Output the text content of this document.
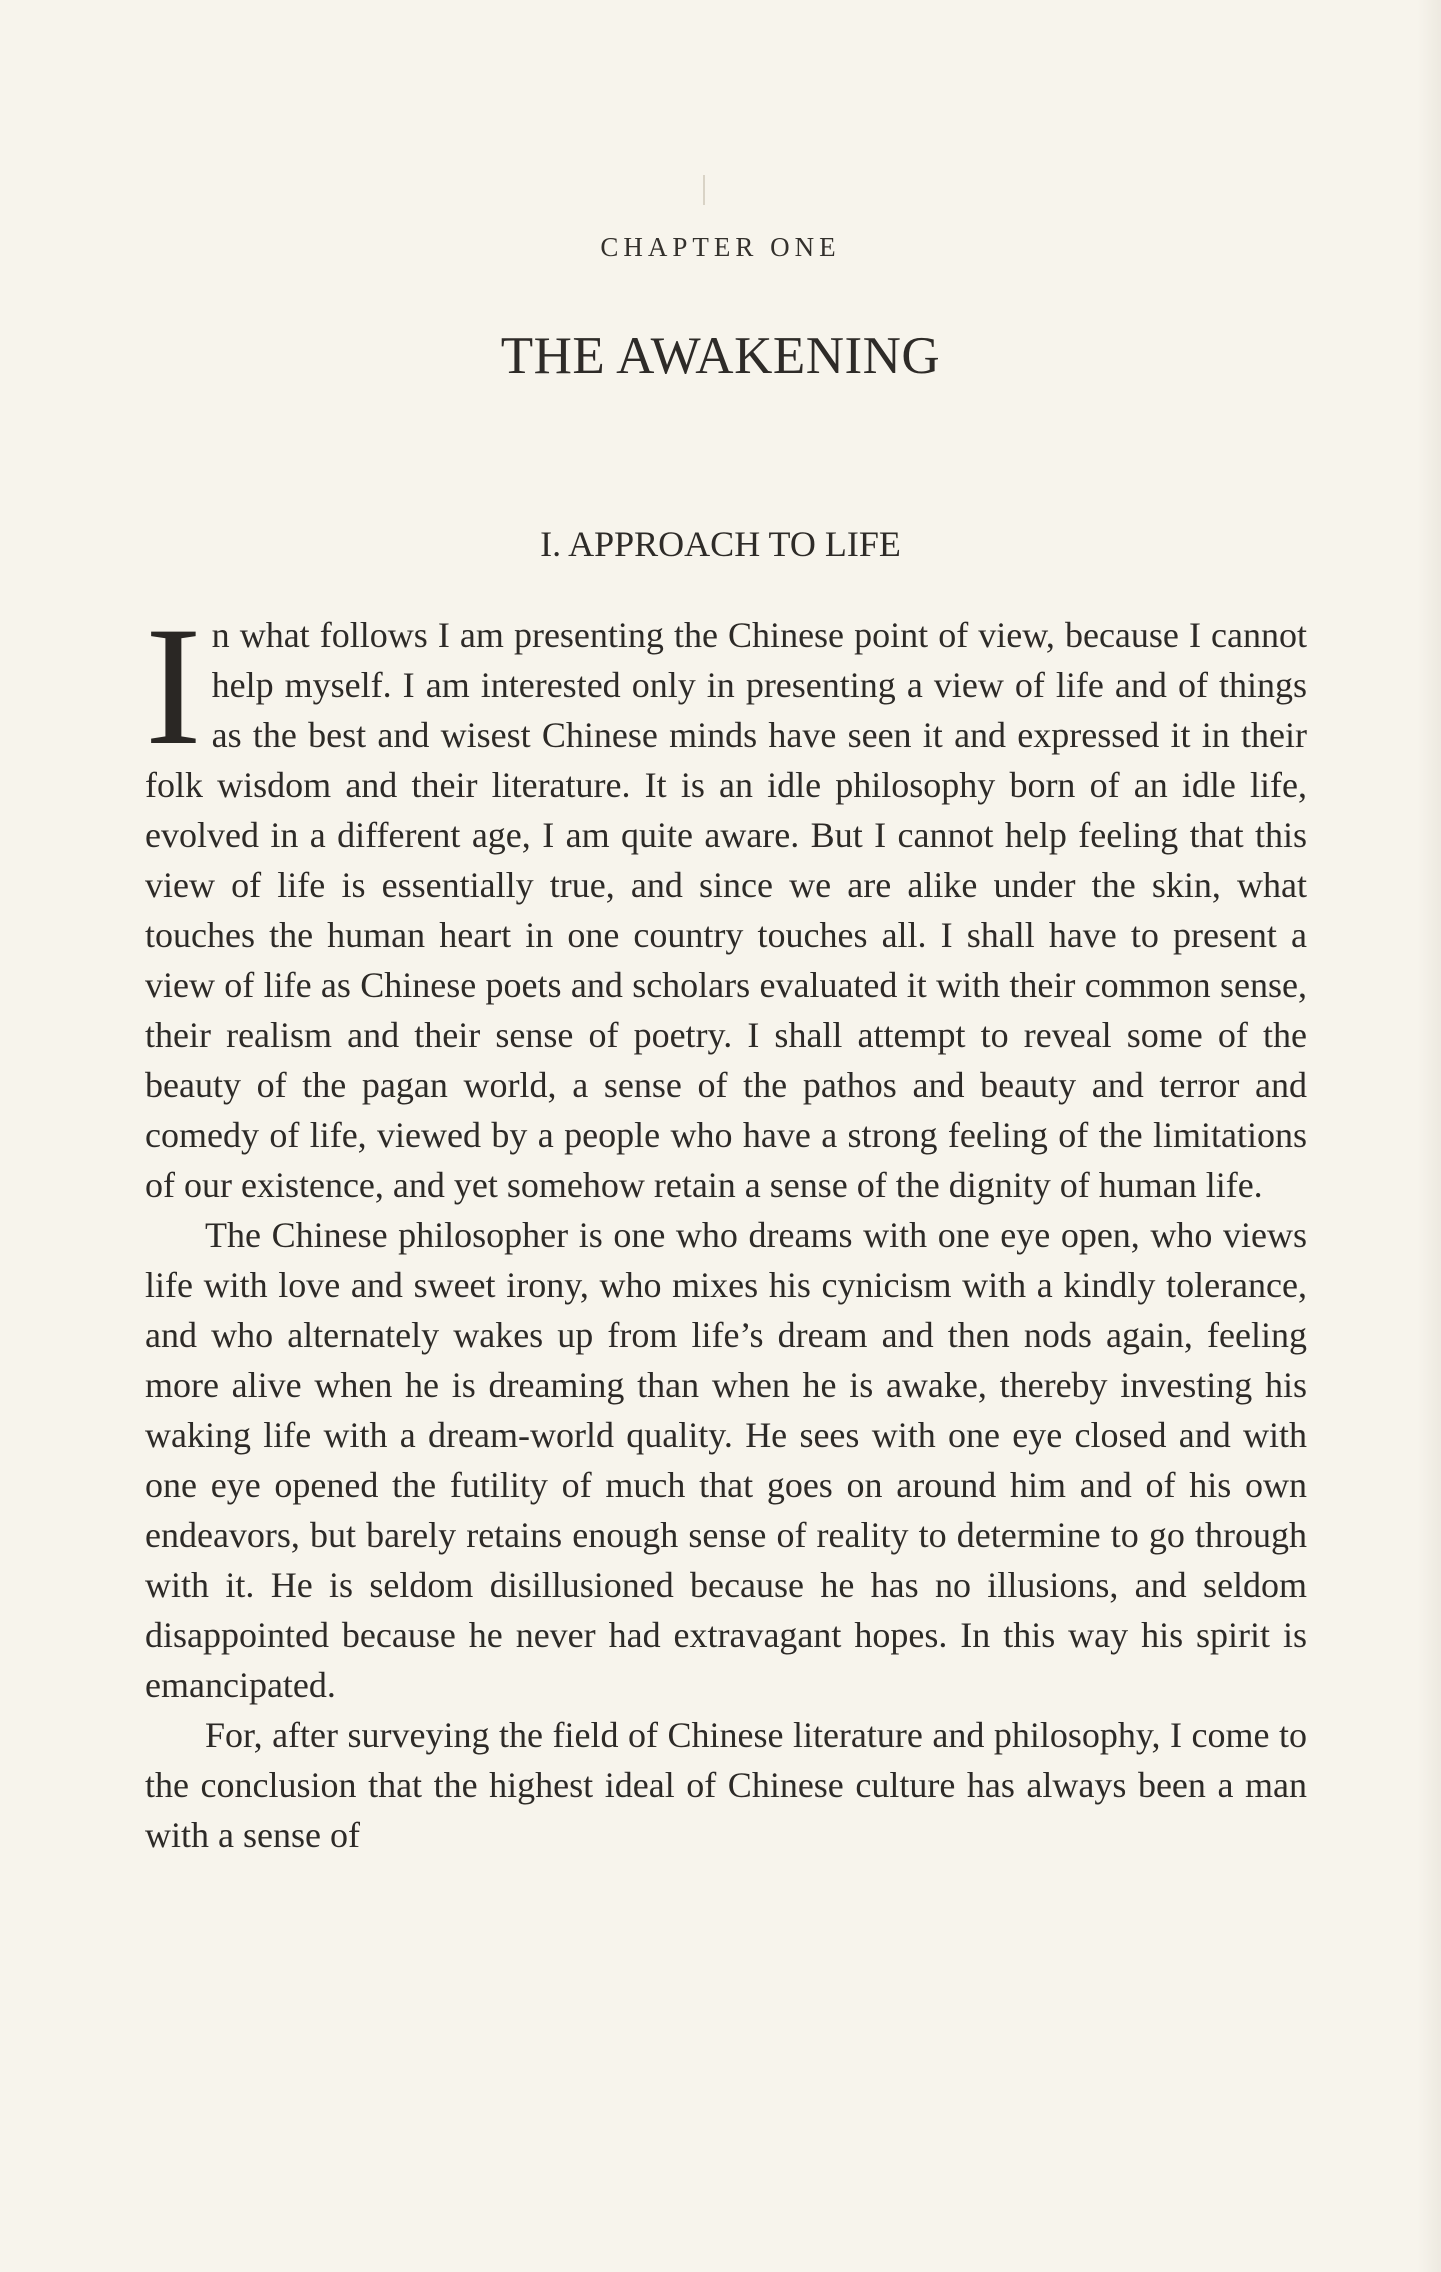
CHAPTER ONE
THE AWAKENING
I. APPROACH TO LIFE

In what follows I am presenting the Chinese point of view, because I cannot help myself. I am interested only in presenting a view of life and of things as the best and wisest Chinese minds have seen it and expressed it in their folk wisdom and their literature. It is an idle philosophy born of an idle life, evolved in a different age, I am quite aware. But I cannot help feeling that this view of life is essentially true, and since we are alike under the skin, what touches the human heart in one country touches all. I shall have to present a view of life as Chinese poets and scholars evaluated it with their common sense, their realism and their sense of poetry. I shall attempt to reveal some of the beauty of the pagan world, a sense of the pathos and beauty and terror and comedy of life, viewed by a people who have a strong feeling of the limitations of our existence, and yet somehow retain a sense of the dignity of human life.

The Chinese philosopher is one who dreams with one eye open, who views life with love and sweet irony, who mixes his cynicism with a kindly tolerance, and who alternately wakes up from life’s dream and then nods again, feeling more alive when he is dreaming than when he is awake, thereby investing his waking life with a dream-world quality. He sees with one eye closed and with one eye opened the futility of much that goes on around him and of his own endeavors, but barely retains enough sense of reality to determine to go through with it. He is seldom disillusioned because he has no illusions, and seldom disappointed because he never had extravagant hopes. In this way his spirit is emancipated.

For, after surveying the field of Chinese literature and philosophy, I come to the conclusion that the highest ideal of Chinese culture has always been a man with a sense of
